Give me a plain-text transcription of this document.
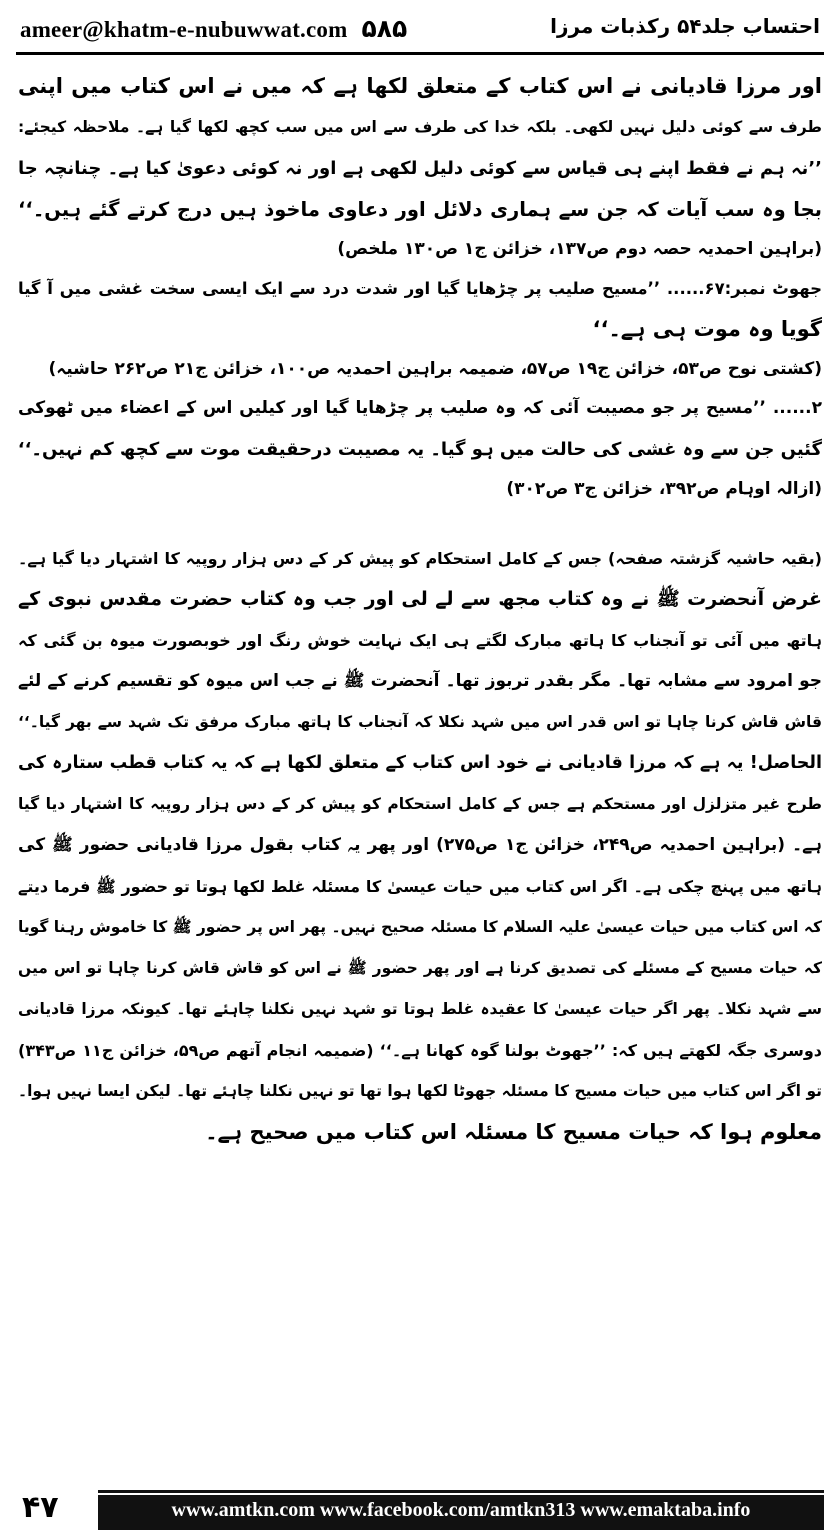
ameer@khatm-e-nubuwwat.com ۵۸۵	احتساب جلد۵۴ رکذبات مرزا
اور مرزا قادیانی نے اس کتاب کے متعلق لکھا ہے کہ میں نے اس کتاب میں اپنی
طرف سے کوئی دلیل نہیں لکھی۔ بلکہ خدا کی طرف سے اس میں سب کچھ لکھا گیا ہے۔ ملاحظہ کیجئے:
’’نہ ہم نے فقط اپنے ہی قیاس سے کوئی دلیل لکھی ہے اور نہ کوئی دعویٰ کیا ہے۔ چنانچہ جا
بجا وہ سب آیات کہ جن سے ہماری دلائل اور دعاوی ماخوذ ہیں درج کرتے گئے ہیں۔‘‘
(براہین احمدیہ حصہ دوم ص۱۳۷، خزائن ج۱ ص۱۳۰ ملخص)
جھوٹ نمبر:۶۷...... ’’مسیح صلیب پر چڑھایا گیا اور شدت درد سے ایک ایسی سخت غشی میں آ گیا
گویا وہ موت ہی ہے۔‘‘
(کشتی نوح ص۵۳، خزائن ج۱۹ ص۵۷، ضمیمہ براہین احمدیہ ص۱۰۰، خزائن ج۲۱ ص۲۶۲ حاشیہ)
۲...... ’’مسیح پر جو مصیبت آئی کہ وہ صلیب پر چڑھایا گیا اور کیلیں اس کے اعضاء میں ٹھوکی
گئیں جن سے وہ غشی کی حالت میں ہو گیا۔ یہ مصیبت درحقیقت موت سے کچھ کم نہیں۔‘‘
(ازالہ اوہام ص۳۹۲، خزائن ج۳ ص۳۰۲)
(بقیہ حاشیہ گزشتہ صفحہ) جس کے کامل استحکام کو پیش کر کے دس ہزار روپیہ کا اشتہار دیا گیا ہے۔
غرض آنحضرت ﷺ نے وہ کتاب مجھ سے لے لی اور جب وہ کتاب حضرت مقدس نبوی کے
ہاتھ میں آئی تو آنجناب کا ہاتھ مبارک لگتے ہی ایک نہایت خوش رنگ اور خوبصورت میوہ بن گئی کہ
جو امرود سے مشابہ تھا۔ مگر بقدر تربوز تھا۔ آنحضرت ﷺ نے جب اس میوہ کو تقسیم کرنے کے لئے
قاش قاش کرنا چاہا تو اس قدر اس میں شہد نکلا کہ آنجناب کا ہاتھ مبارک مرفق تک شہد سے بھر گیا۔‘‘
الحاصل! یہ ہے کہ مرزا قادیانی نے خود اس کتاب کے متعلق لکھا ہے کہ یہ کتاب قطب ستارہ کی
طرح غیر متزلزل اور مستحکم ہے جس کے کامل استحکام کو پیش کر کے دس ہزار روپیہ کا اشتہار دیا گیا
ہے۔ (براہین احمدیہ ص۲۴۹، خزائن ج۱ ص۲۷۵) اور پھر یہ کتاب بقول مرزا قادیانی حضور ﷺ کی
ہاتھ میں پہنچ چکی ہے۔ اگر اس کتاب میں حیات عیسیٰ کا مسئلہ غلط لکھا ہوتا تو حضور ﷺ فرما دیتے
کہ اس کتاب میں حیات عیسیٰ علیہ السلام کا مسئلہ صحیح نہیں۔ پھر اس پر حضور ﷺ کا خاموش رہنا گویا
کہ حیات مسیح کے مسئلے کی تصدیق کرنا ہے اور پھر حضور ﷺ نے اس کو قاش قاش کرنا چاہا تو اس میں
سے شہد نکلا۔ پھر اگر حیات عیسیٰ کا عقیدہ غلط ہوتا تو شہد نہیں نکلنا چاہئے تھا۔ کیونکہ مرزا قادیانی
دوسری جگہ لکھتے ہیں کہ: ’’جھوٹ بولنا گوہ کھانا ہے۔‘‘ (ضمیمہ انجام آتھم ص۵۹، خزائن ج۱۱ ص۳۴۳)
تو اگر اس کتاب میں حیات مسیح کا مسئلہ جھوٹا لکھا ہوا تھا تو نہیں نکلنا چاہئے تھا۔ لیکن ایسا نہیں ہوا۔
معلوم ہوا کہ حیات مسیح کا مسئلہ اس کتاب میں صحیح ہے۔
۴۷	www.amtkn.com www.facebook.com/amtkn313 www.emaktaba.info
